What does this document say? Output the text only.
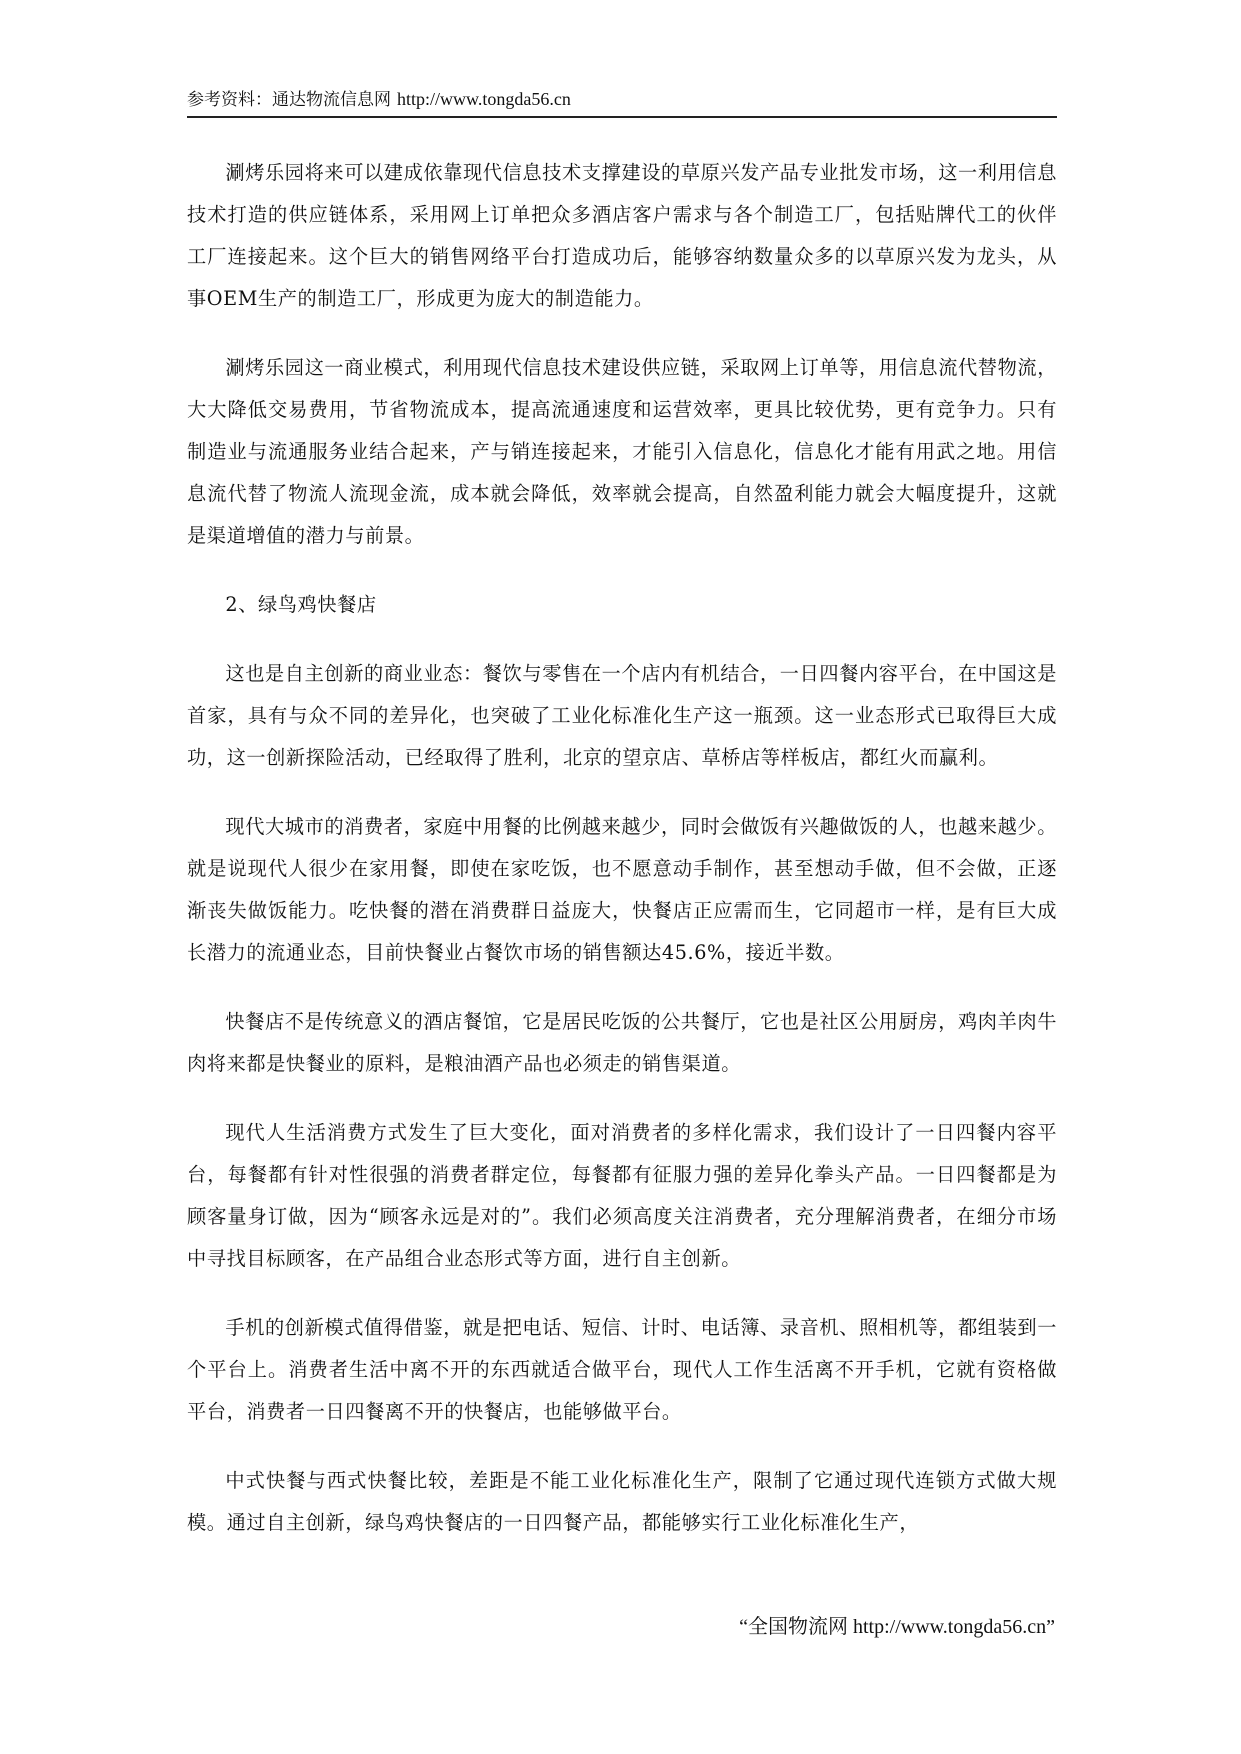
参考资料：通达物流信息网 http://www.tongda56.cn

涮烤乐园将来可以建成依靠现代信息技术支撑建设的草原兴发产品专业批发市场，这一利用信息技术打造的供应链体系，采用网上订单把众多酒店客户需求与各个制造工厂，包括贴牌代工的伙伴工厂连接起来。这个巨大的销售网络平台打造成功后，能够容纳数量众多的以草原兴发为龙头，从事OEM生产的制造工厂，形成更为庞大的制造能力。

涮烤乐园这一商业模式，利用现代信息技术建设供应链，采取网上订单等，用信息流代替物流，大大降低交易费用，节省物流成本，提高流通速度和运营效率，更具比较优势，更有竞争力。只有制造业与流通服务业结合起来，产与销连接起来，才能引入信息化，信息化才能有用武之地。用信息流代替了物流人流现金流，成本就会降低，效率就会提高，自然盈利能力就会大幅度提升，这就是渠道增值的潜力与前景。

2、绿鸟鸡快餐店

这也是自主创新的商业业态：餐饮与零售在一个店内有机结合，一日四餐内容平台，在中国这是首家，具有与众不同的差异化，也突破了工业化标准化生产这一瓶颈。这一业态形式已取得巨大成功，这一创新探险活动，已经取得了胜利，北京的望京店、草桥店等样板店，都红火而赢利。

现代大城市的消费者，家庭中用餐的比例越来越少，同时会做饭有兴趣做饭的人，也越来越少。就是说现代人很少在家用餐，即使在家吃饭，也不愿意动手制作，甚至想动手做，但不会做，正逐渐丧失做饭能力。吃快餐的潜在消费群日益庞大，快餐店正应需而生，它同超市一样，是有巨大成长潜力的流通业态，目前快餐业占餐饮市场的销售额达45.6%，接近半数。

快餐店不是传统意义的酒店餐馆，它是居民吃饭的公共餐厅，它也是社区公用厨房，鸡肉羊肉牛肉将来都是快餐业的原料，是粮油酒产品也必须走的销售渠道。

现代人生活消费方式发生了巨大变化，面对消费者的多样化需求，我们设计了一日四餐内容平台，每餐都有针对性很强的消费者群定位，每餐都有征服力强的差异化拳头产品。一日四餐都是为顾客量身订做，因为“顾客永远是对的”。我们必须高度关注消费者，充分理解消费者，在细分市场中寻找目标顾客，在产品组合业态形式等方面，进行自主创新。

手机的创新模式值得借鉴，就是把电话、短信、计时、电话簿、录音机、照相机等，都组装到一个平台上。消费者生活中离不开的东西就适合做平台，现代人工作生活离不开手机，它就有资格做平台，消费者一日四餐离不开的快餐店，也能够做平台。

中式快餐与西式快餐比较，差距是不能工业化标准化生产，限制了它通过现代连锁方式做大规模。通过自主创新，绿鸟鸡快餐店的一日四餐产品，都能够实行工业化标准化生产，

“全国物流网 http://www.tongda56.cn”
